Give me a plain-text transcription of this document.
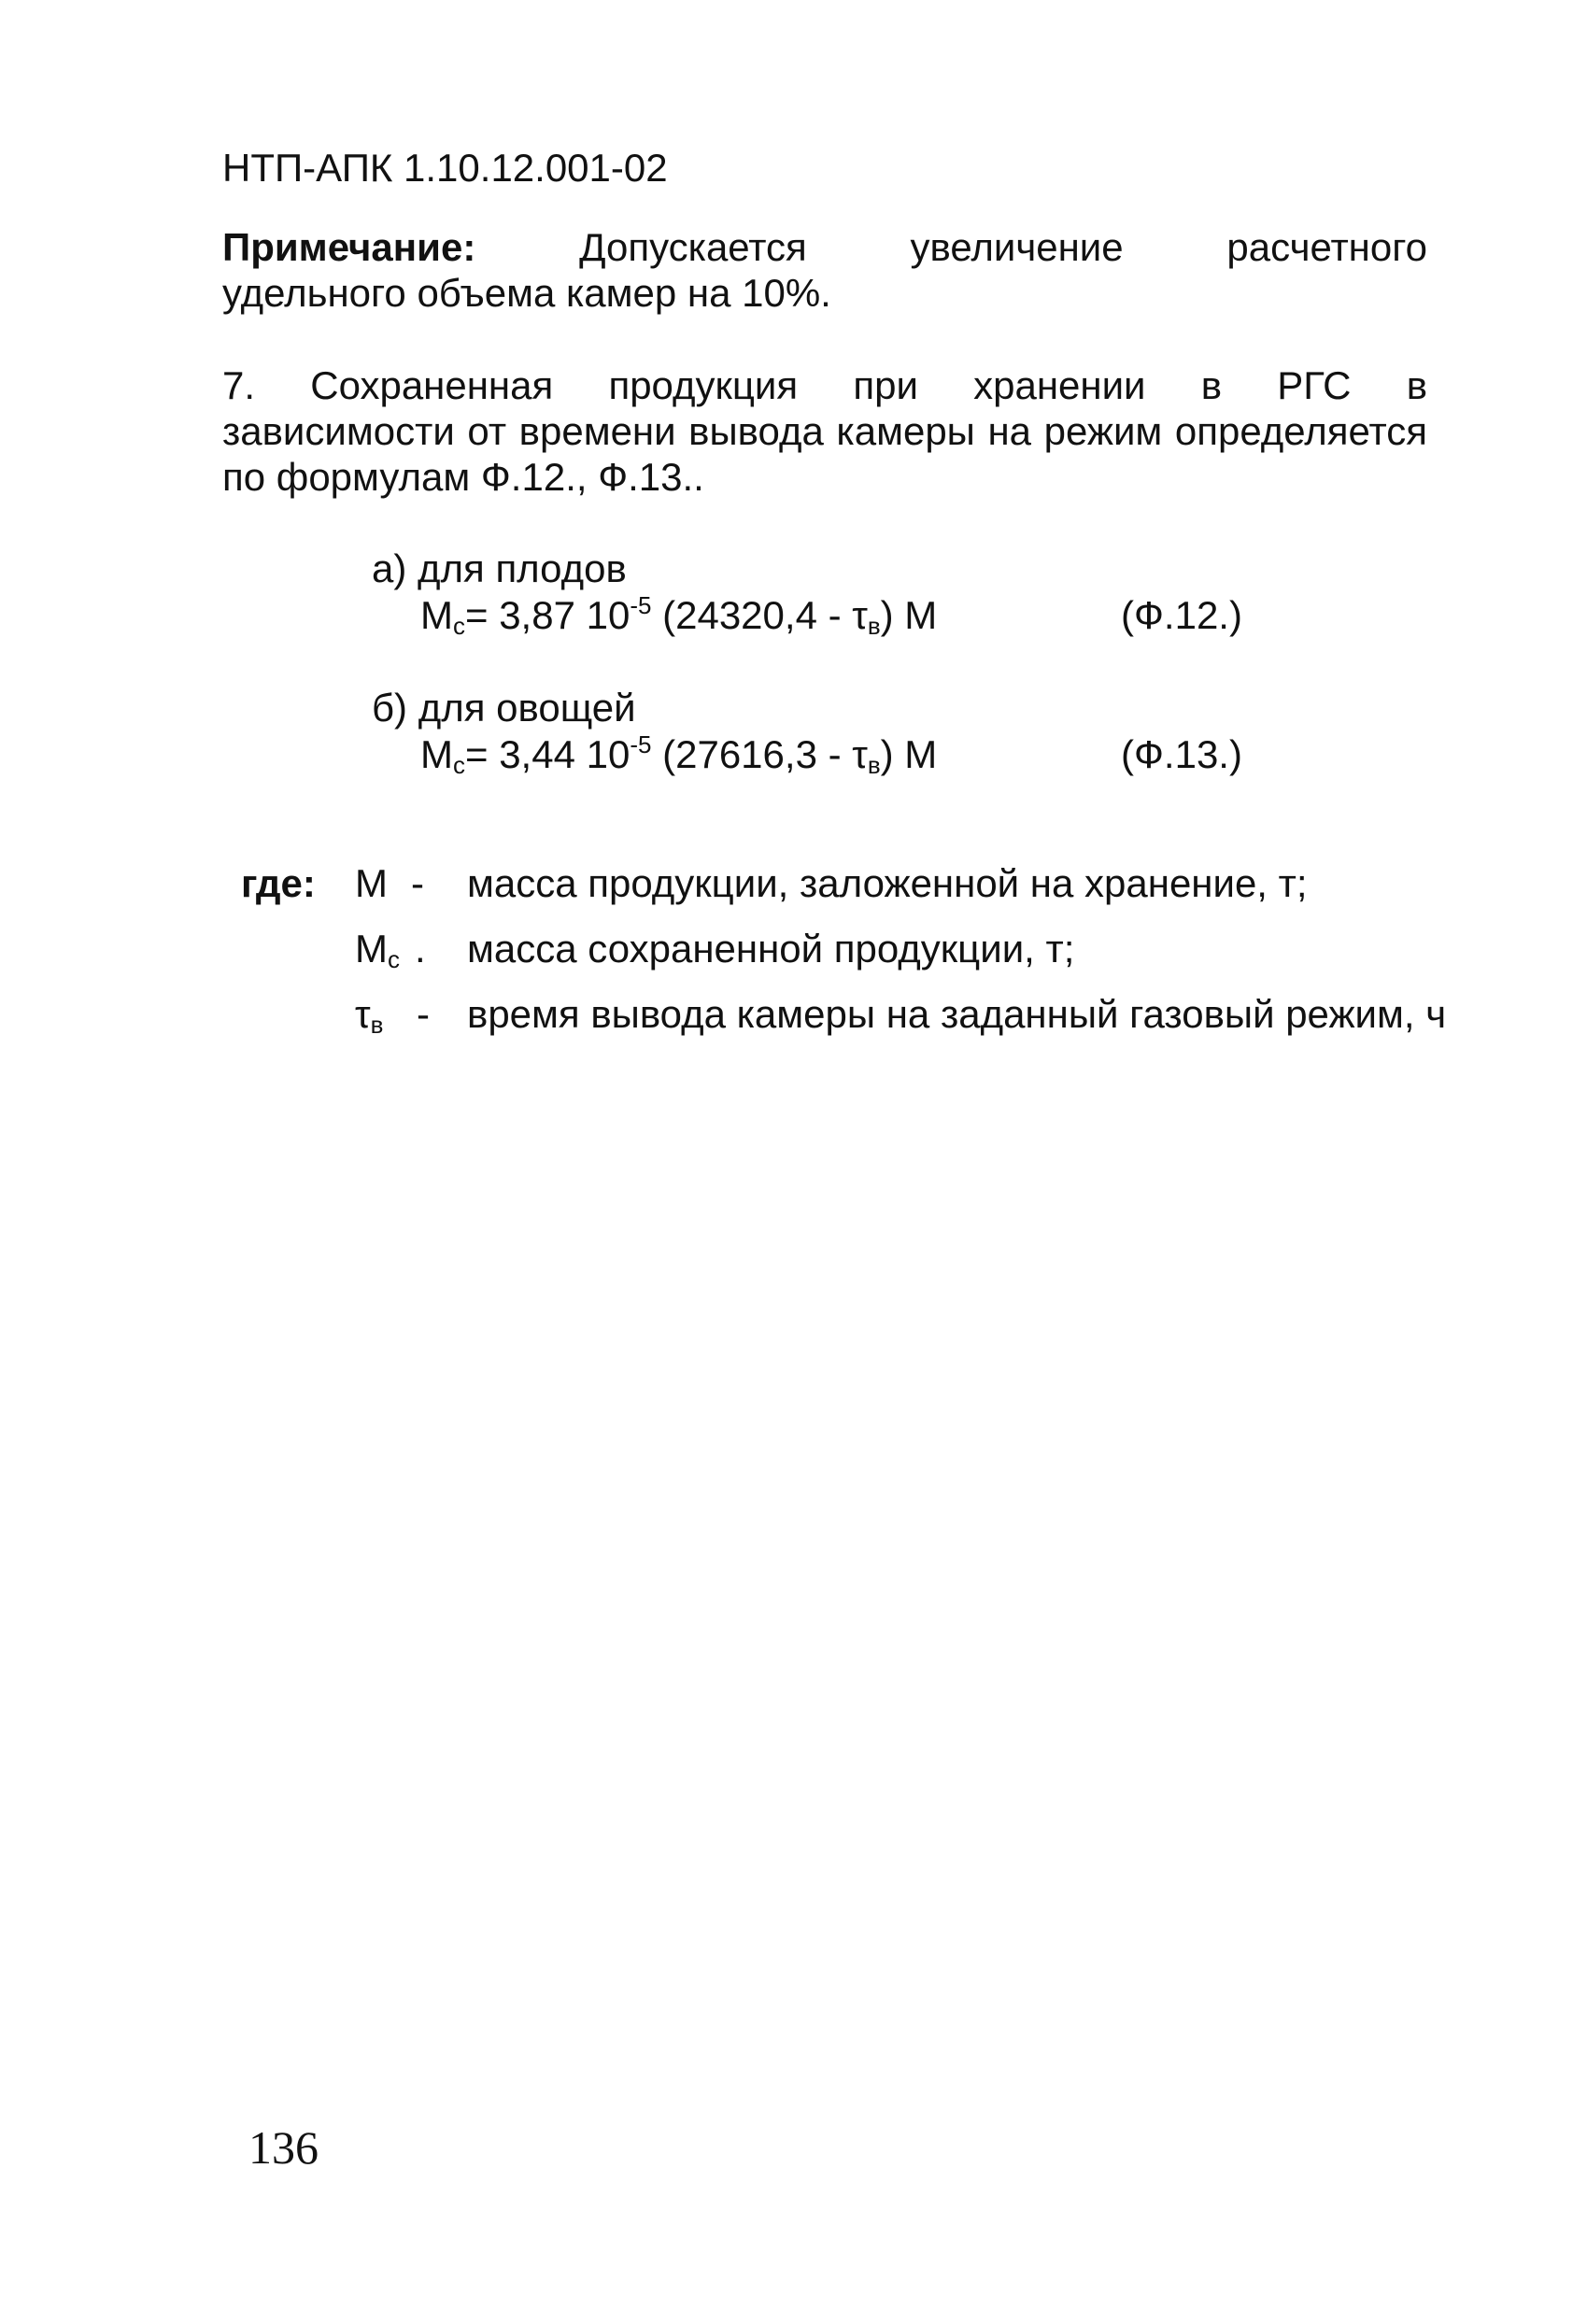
НТП-АПК 1.10.12.001-02
Примечание:	Допускается увеличение расчетного
удельного объема камер на 10%.
7. Сохраненная продукция при хранении в РГС в
зависимости от времени вывода камеры на режим определяется
по формулам Ф.12., Ф.13..
а) для плодов
$M_c= 3,87$ $10^{-5}$ $(24320,4 - \tau_в)$ M	(Ф.12.)
б) для овощей
$M_c= 3,44$ $10^{-5}$ $(27616,3 - \tau_в)$ M	(Ф.13.)
где: M - масса продукции, заложенной на хранение, т;
$M_с$ . масса сохраненной продукции, т;
$\tau_в$ - время вывода камеры на заданный газовый режим, ч
136
